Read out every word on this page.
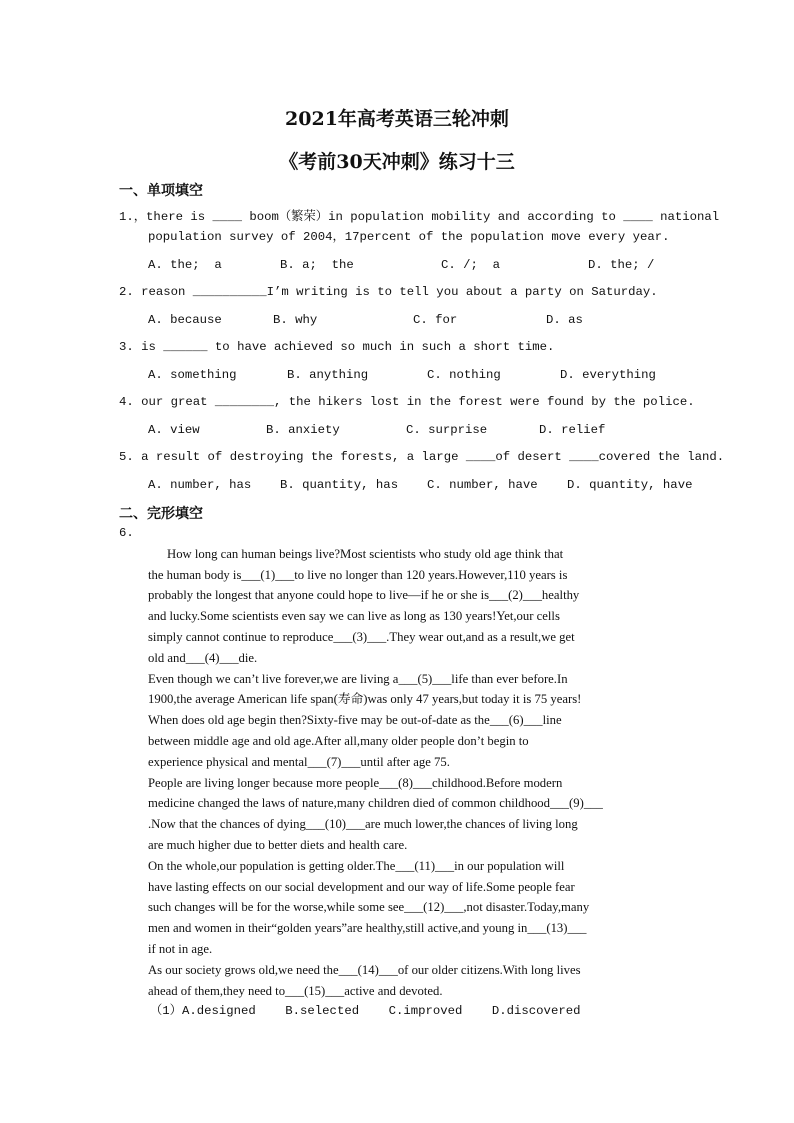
2021年高考英语三轮冲刺
《考前30天冲刺》练习十三
一、单项填空
1.，there is ____ boom（繁荣）in population mobility and according to ____ national
population survey of 2004，17percent of the population move every year.
A. the;  a	B. a;  the	C. /;  a	D. the; /
2. reason __________I’m writing is to tell you about a party on Saturday.
A. because	B. why	C. for	D. as
3. is ______ to have achieved so much in such a short time.
A. something	B. anything	C. nothing	D. everything
4. our great ________, the hikers lost in the forest were found by the police.
A. view	B. anxiety	C. surprise	D. relief
5. a result of destroying the forests, a large ____of desert ____covered the land.
A. number, has B. quantity, has C. number, have D. quantity, have
二、完形填空
6.
How long can human beings live?Most scientists who study old age think that
the human body is___(1)___to live no longer than 120 years.However,110 years is
probably the longest that anyone could hope to live—if he or she is___(2)___healthy
and lucky.Some scientists even say we can live as long as 130 years!Yet,our cells
simply cannot continue to reproduce___(3)___.They wear out,and as a result,we get
old and___(4)___die.
Even though we can’t live forever,we are living a___(5)___life than ever before.In
1900,the average American life span(寿命)was only 47 years,but today it is 75 years!
When does old age begin then?Sixty-five may be out-of-date as the___(6)___line
between middle age and old age.After all,many older people don’t begin to
experience physical and mental___(7)___until after age 75.
People are living longer because more people___(8)___childhood.Before modern
medicine changed the laws of nature,many children died of common childhood___(9)___
.Now that the chances of dying___(10)___are much lower,the chances of living long
are much higher due to better diets and health care.
On the whole,our population is getting older.The___(11)___in our population will
have lasting effects on our social development and our way of life.Some people fear
such changes will be for the worse,while some see___(12)___,not disaster.Today,many
men and women in their“golden years”are healthy,still active,and young in___(13)___
if not in age.
As our society grows old,we need the___(14)___of our older citizens.With long lives
ahead of them,they need to___(15)___active and devoted.
（1）A.designed    B.selected    C.improved    D.discovered
